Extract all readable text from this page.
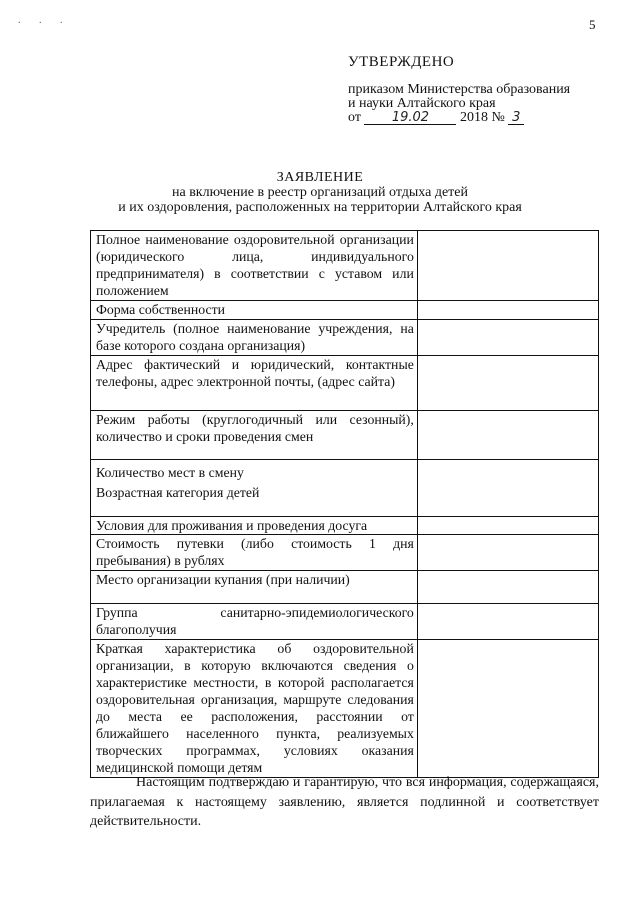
. . .	5
УТВЕРЖДЕНО
приказом Министерства образования
и науки Алтайского края
от 19.02 2018 № 3
ЗАЯВЛЕНИЕ
на включение в реестр организаций отдыха детей
и их оздоровления, расположенных на территории Алтайского края
Полное наименование оздоровительной организации (юридического лица, индивидуального предпринимателя) в соответствии с уставом или положением	
Форма собственности	
Учредитель (полное наименование учреждения, на базе которого создана организация)	
Адрес фактический и юридический, контактные телефоны, адрес электронной почты, (адрес сайта)	
Режим работы (круглогодичный или сезонный), количество и сроки проведения смен	

Количество мест в смену
Возрастная категория детей	

Условия для проживания и проведения досуга	
Стоимость путевки (либо стоимость 1 дня пребывания) в рублях	
Место организации купания (при наличии)	
Группа санитарно-эпидемиологического благополучия	
Краткая характеристика об оздоровительной организации, в которую включаются сведения о характеристике местности, в которой располагается оздоровительная организация, маршруте следования до места ее расположения, расстоянии от ближайшего населенного пункта, реализуемых творческих программах, условиях оказания медицинской помощи детям	
Настоящим подтверждаю и гарантирую, что вся информация, содержащаяся, прилагаемая к настоящему заявлению, является подлинной и соответствует действительности.
